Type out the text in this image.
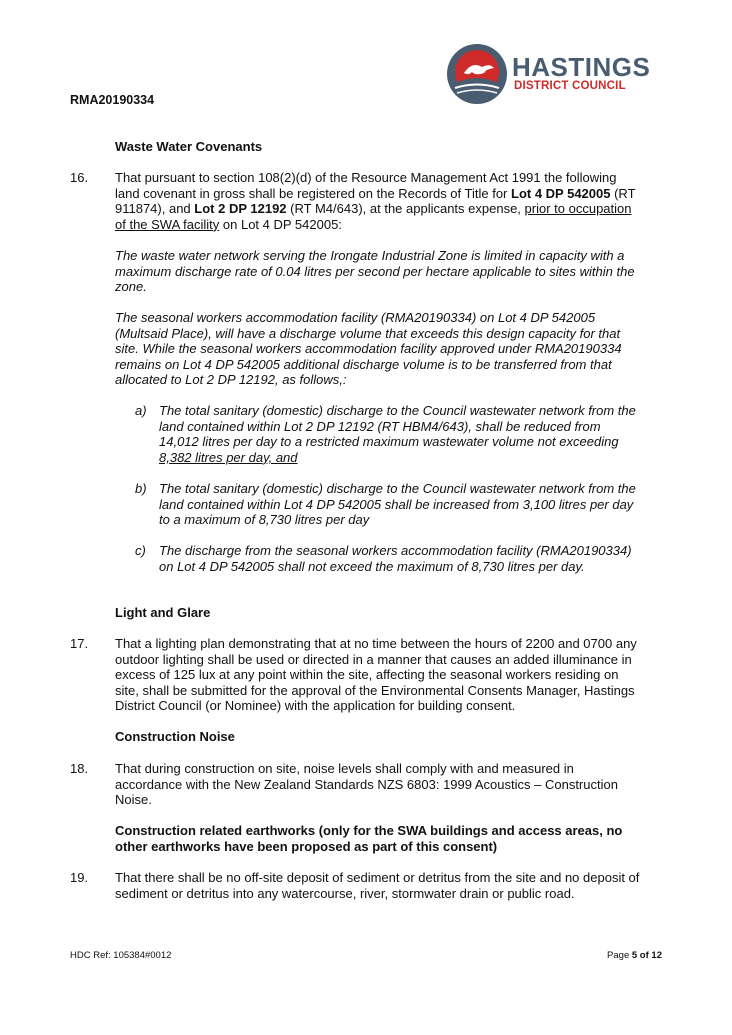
RMA20190334
HASTINGS
DISTRICT COUNCIL
Waste Water Covenants
16. That pursuant to section 108(2)(d) of the Resource Management Act 1991 the following
land covenant in gross shall be registered on the Records of Title for Lot 4 DP 542005 (RT
911874), and Lot 2 DP 12192 (RT M4/643), at the applicants expense, prior to occupation
of the SWA facility on Lot 4 DP 542005:
The waste water network serving the Irongate Industrial Zone is limited in capacity with a
maximum discharge rate of 0.04 litres per second per hectare applicable to sites within the
zone.
The seasonal workers accommodation facility (RMA20190334) on Lot 4 DP 542005
(Multsaid Place), will have a discharge volume that exceeds this design capacity for that
site. While the seasonal workers accommodation facility approved under RMA20190334
remains on Lot 4 DP 542005 additional discharge volume is to be transferred from that
allocated to Lot 2 DP 12192, as follows,:
a) The total sanitary (domestic) discharge to the Council wastewater network from the
land contained within Lot 2 DP 12192 (RT HBM4/643), shall be reduced from
14,012 litres per day to a restricted maximum wastewater volume not exceeding
8,382 litres per day, and
b) The total sanitary (domestic) discharge to the Council wastewater network from the
land contained within Lot 4 DP 542005 shall be increased from 3,100 litres per day
to a maximum of 8,730 litres per day
c) The discharge from the seasonal workers accommodation facility (RMA20190334)
on Lot 4 DP 542005 shall not exceed the maximum of 8,730 litres per day.
Light and Glare
17. That a lighting plan demonstrating that at no time between the hours of 2200 and 0700 any
outdoor lighting shall be used or directed in a manner that causes an added illuminance in
excess of 125 lux at any point within the site, affecting the seasonal workers residing on
site, shall be submitted for the approval of the Environmental Consents Manager, Hastings
District Council (or Nominee) with the application for building consent.
Construction Noise
18. That during construction on site, noise levels shall comply with and measured in
accordance with the New Zealand Standards NZS 6803: 1999 Acoustics – Construction
Noise.
Construction related earthworks (only for the SWA buildings and access areas, no
other earthworks have been proposed as part of this consent)
19. That there shall be no off-site deposit of sediment or detritus from the site and no deposit of
sediment or detritus into any watercourse, river, stormwater drain or public road.
HDC Ref: 105384#0012	Page 5 of 12
